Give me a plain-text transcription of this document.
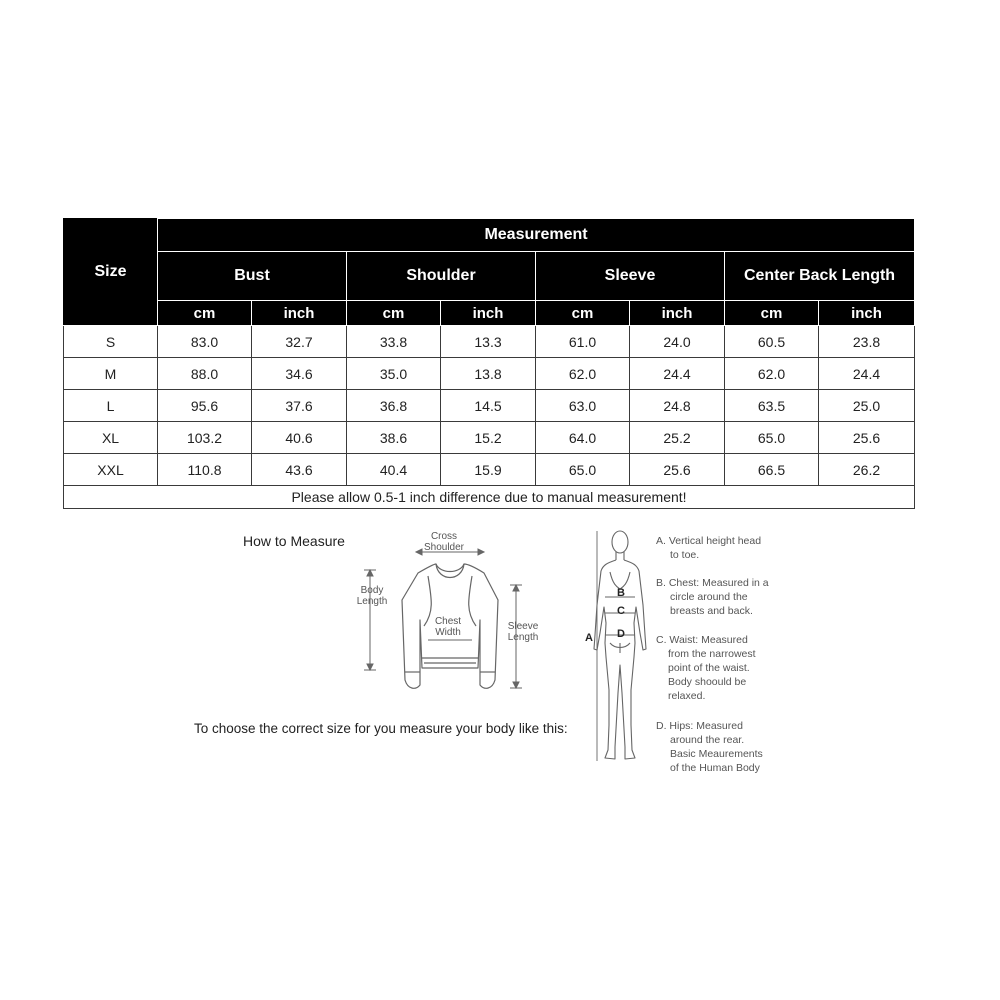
Size	Measurement							
	Bust		Shoulder		Sleeve		Center Back Length	
	cm	inch	cm	inch	cm	inch	cm	inch
S	83.0	32.7	33.8	13.3	61.0	24.0	60.5	23.8
M	88.0	34.6	35.0	13.8	62.0	24.4	62.0	24.4
L	95.6	37.6	36.8	14.5	63.0	24.8	63.5	25.0
XL	103.2	40.6	38.6	15.2	64.0	25.2	65.0	25.6
XXL	110.8	43.6	40.4	15.9	65.0	25.6	66.5	26.2
Please allow 0.5-1 inch difference due to manual measurement!								
How to Measure
To choose the correct size for you measure your body like this:
Cross
Shoulder
Body
Length
Chest
Width
Sleeve
Length	A
B
C
D

A. Vertical height head

to toe.

B. Chest: Measured in a

circle around the

breasts and back.

C. Waist: Measured

from the narrowest

point of the waist.

Body shoould be

relaxed.

D. Hips: Measured

around the rear.

Basic Meaurements

of the Human Body
